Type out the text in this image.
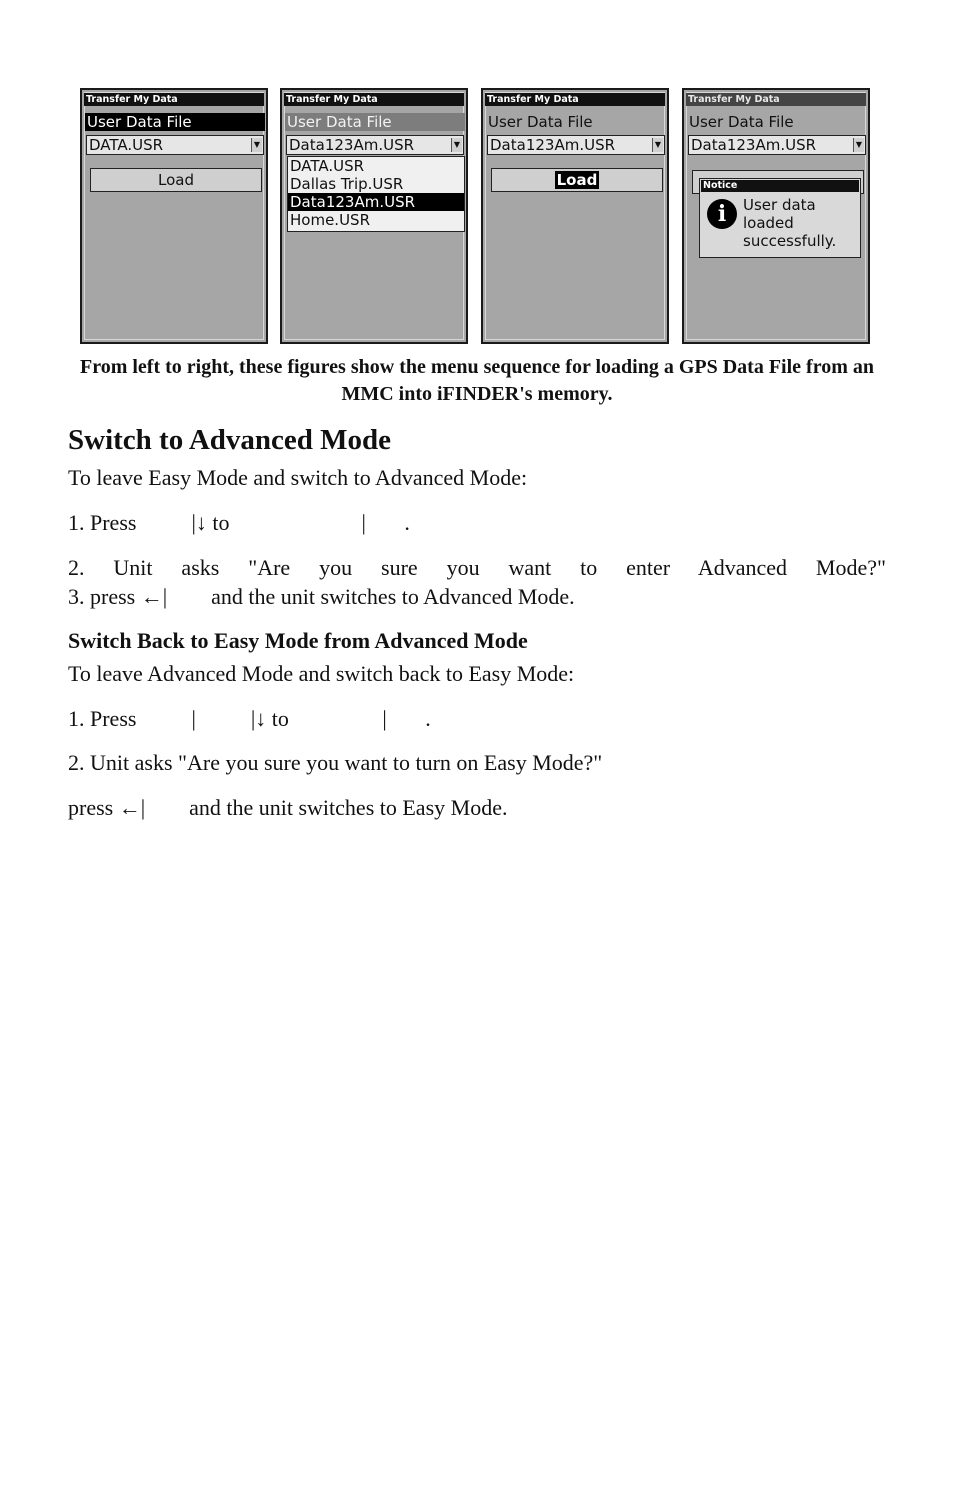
Transfer My Data
User Data File
DATA.USR	▼
Load
Transfer My Data
User Data File
Data123Am.USR	▼
DATA.USR
Dallas Trip.USR
Data123Am.USR
Home.USR
Transfer My Data
User Data File
Data123Am.USR	▼
Load
Transfer My Data
User Data File
Data123Am.USR	▼
Notice
i	User data
loaded
successfully.
From left to right, these figures show the menu sequence for loading a GPS Data File from an MMC into iFINDER's memory.
Switch to Advanced Mode
To leave Easy Mode and switch to Advanced Mode:
1. Press          |↓ to                        |       .
2. Unit asks "Are you sure you want to enter Advanced Mode?"
3. press ←|        and the unit switches to Advanced Mode.
Switch Back to Easy Mode from Advanced Mode
To leave Advanced Mode and switch back to Easy Mode:
1. Press          |          |↓ to                 |       .
2. Unit asks "Are you sure you want to turn on Easy Mode?"
press ←|        and the unit switches to Easy Mode.
